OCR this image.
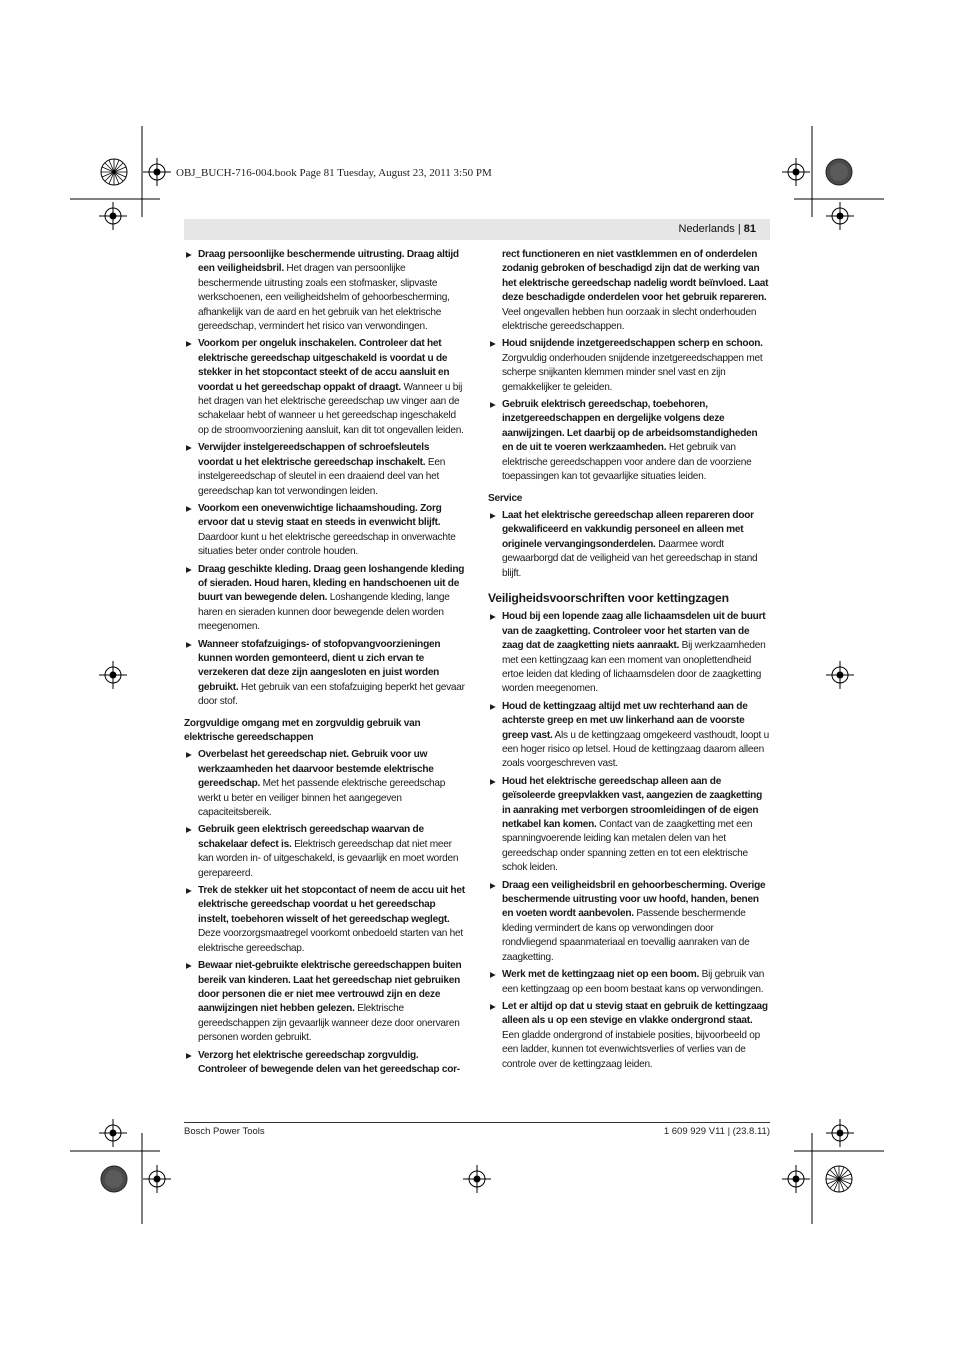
OBJ_BUCH-716-004.book Page 81 Tuesday, August 23, 2011 3:50 PM
Nederlands | 81
▶ Draag persoonlijke beschermende uitrusting. Draag altijd een veiligheidsbril. Het dragen van persoonlijke beschermende uitrusting zoals een stofmasker, slipvaste werkschoenen, een veiligheidshelm of gehoorbescherming, afhankelijk van de aard en het gebruik van het elektrische gereedschap, vermindert het risico van verwondingen.
▶ Voorkom per ongeluk inschakelen. Controleer dat het elektrische gereedschap uitgeschakeld is voordat u de stekker in het stopcontact steekt of de accu aansluit en voordat u het gereedschap oppakt of draagt. Wanneer u bij het dragen van het elektrische gereedschap uw vinger aan de schakelaar hebt of wanneer u het gereedschap ingeschakeld op de stroomvoorziening aansluit, kan dit tot ongevallen leiden.
▶ Verwijder instelgereedschappen of schroefsleutels voordat u het elektrische gereedschap inschakelt. Een instelgereedschap of sleutel in een draaiend deel van het gereedschap kan tot verwondingen leiden.
▶ Voorkom een onevenwichtige lichaamshouding. Zorg ervoor dat u stevig staat en steeds in evenwicht blijft. Daardoor kunt u het elektrische gereedschap in onverwachte situaties beter onder controle houden.
▶ Draag geschikte kleding. Draag geen loshangende kleding of sieraden. Houd haren, kleding en handschoenen uit de buurt van bewegende delen. Loshangende kleding, lange haren en sieraden kunnen door bewegende delen worden meegenomen.
▶ Wanneer stofafzuigings- of stofopvangvoorzieningen kunnen worden gemonteerd, dient u zich ervan te verzekeren dat deze zijn aangesloten en juist worden gebruikt. Het gebruik van een stofafzuiging beperkt het gevaar door stof.
Zorgvuldige omgang met en zorgvuldig gebruik van elektrische gereedschappen
▶ Overbelast het gereedschap niet. Gebruik voor uw werkzaamheden het daarvoor bestemde elektrische gereedschap. Met het passende elektrische gereedschap werkt u beter en veiliger binnen het aangegeven capaciteitsbereik.
▶ Gebruik geen elektrisch gereedschap waarvan de schakelaar defect is. Elektrisch gereedschap dat niet meer kan worden in- of uitgeschakeld, is gevaarlijk en moet worden gerepareerd.
▶ Trek de stekker uit het stopcontact of neem de accu uit het elektrische gereedschap voordat u het gereedschap instelt, toebehoren wisselt of het gereedschap weglegt. Deze voorzorgsmaatregel voorkomt onbedoeld starten van het elektrische gereedschap.
▶ Bewaar niet-gebruikte elektrische gereedschappen buiten bereik van kinderen. Laat het gereedschap niet gebruiken door personen die er niet mee vertrouwd zijn en deze aanwijzingen niet hebben gelezen. Elektrische gereedschappen zijn gevaarlijk wanneer deze door onervaren personen worden gebruikt.
▶ Verzorg het elektrische gereedschap zorgvuldig. Controleer of bewegende delen van het gereedschap cor-
rect functioneren en niet vastklemmen en of onderdelen zodanig gebroken of beschadigd zijn dat de werking van het elektrische gereedschap nadelig wordt beïnvloed. Laat deze beschadigde onderdelen voor het gebruik repareren. Veel ongevallen hebben hun oorzaak in slecht onderhouden elektrische gereedschappen.
▶ Houd snijdende inzetgereedschappen scherp en schoon. Zorgvuldig onderhouden snijdende inzetgereedschappen met scherpe snijkanten klemmen minder snel vast en zijn gemakkelijker te geleiden.
▶ Gebruik elektrisch gereedschap, toebehoren, inzetgereedschappen en dergelijke volgens deze aanwijzingen. Let daarbij op de arbeidsomstandigheden en de uit te voeren werkzaamheden. Het gebruik van elektrische gereedschappen voor andere dan de voorziene toepassingen kan tot gevaarlijke situaties leiden.
Service
▶ Laat het elektrische gereedschap alleen repareren door gekwalificeerd en vakkundig personeel en alleen met originele vervangingsonderdelen. Daarmee wordt gewaarborgd dat de veiligheid van het gereedschap in stand blijft.
Veiligheidsvoorschriften voor kettingzagen
▶ Houd bij een lopende zaag alle lichaamsdelen uit de buurt van de zaagketting. Controleer voor het starten van de zaag dat de zaagketting niets aanraakt. Bij werkzaamheden met een kettingzaag kan een moment van onoplettendheid ertoe leiden dat kleding of lichaamsdelen door de zaagketting worden meegenomen.
▶ Houd de kettingzaag altijd met uw rechterhand aan de achterste greep en met uw linkerhand aan de voorste greep vast. Als u de kettingzaag omgekeerd vasthoudt, loopt u een hoger risico op letsel. Houd de kettingzaag daarom alleen zoals voorgeschreven vast.
▶ Houd het elektrische gereedschap alleen aan de geïsoleerde greepvlakken vast, aangezien de zaagketting in aanraking met verborgen stroomleidingen of de eigen netkabel kan komen. Contact van de zaagketting met een spanningvoerende leiding kan metalen delen van het gereedschap onder spanning zetten en tot een elektrische schok leiden.
▶ Draag een veiligheidsbril en gehoorbescherming. Overige beschermende uitrusting voor uw hoofd, handen, benen en voeten wordt aanbevolen. Passende beschermende kleding vermindert de kans op verwondingen door rondvliegend spaanmateriaal en toevallig aanraken van de zaagketting.
▶ Werk met de kettingzaag niet op een boom. Bij gebruik van een kettingzaag op een boom bestaat kans op verwondingen.
▶ Let er altijd op dat u stevig staat en gebruik de kettingzaag alleen als u op een stevige en vlakke ondergrond staat. Een gladde ondergrond of instabiele posities, bijvoorbeeld op een ladder, kunnen tot evenwichtsverlies of verlies van de controle over de kettingzaag leiden.
Bosch Power Tools	1 609 929 V11 | (23.8.11)
